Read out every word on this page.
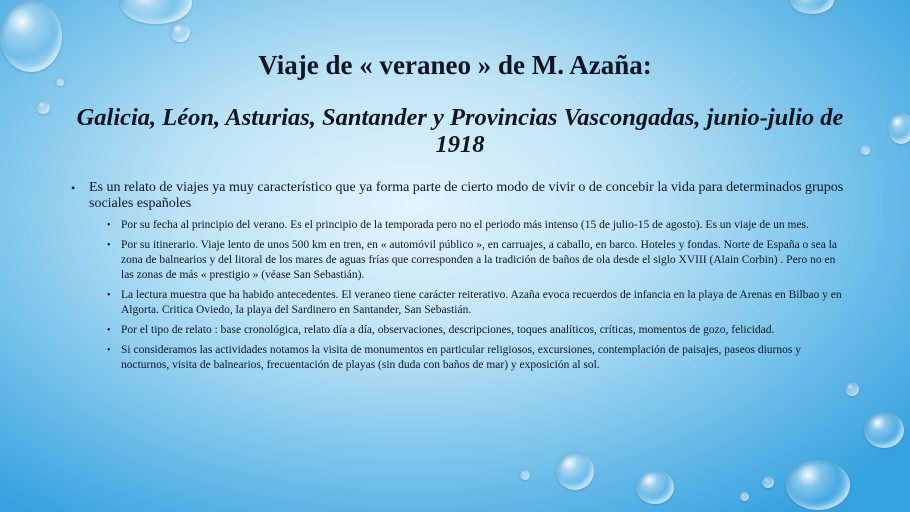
Viaje de « veraneo » de M. Azaña:
Galicia, Léon, Asturias, Santander y Provincias Vascongadas, junio-julio de 1918
• Es un relato de viajes ya muy característico que ya forma parte de cierto modo de vivir o de concebir la vida para determinados grupos sociales españoles
• Por su fecha al principio del verano. Es el principio de la temporada pero no el periodo más intenso (15 de julio-15 de agosto). Es un viaje de un mes.
• Por su itinerario. Viaje lento de unos 500 km en tren, en « automóvil público », en carruajes, a caballo, en barco. Hoteles y fondas. Norte de España o sea la zona de balnearios y del litoral de los mares de aguas frías que corresponden a la tradición de baños de ola desde el siglo XVIII (Alain Corbin) . Pero no en las zonas de más « prestigio » (véase San Sebastián).
• La lectura muestra que ha habido antecedentes. El veraneo tiene carácter reiterativo. Azaña evoca recuerdos de infancia en la playa de Arenas en Bilbao y en Algorta. Critica Oviedo, la playa del Sardinero en Santander, San Sebastián.
• Por el tipo de relato : base cronológica, relato día a día, observaciones, descripciones, toques analíticos, críticas, momentos de gozo, felicidad.
• Si consideramos las actividades notamos la visita de monumentos en particular religiosos, excursiones, contemplación de paisajes, paseos diurnos y nocturnos, visita de balnearios, frecuentación de playas (sin duda con baños de mar) y exposición al sol.
